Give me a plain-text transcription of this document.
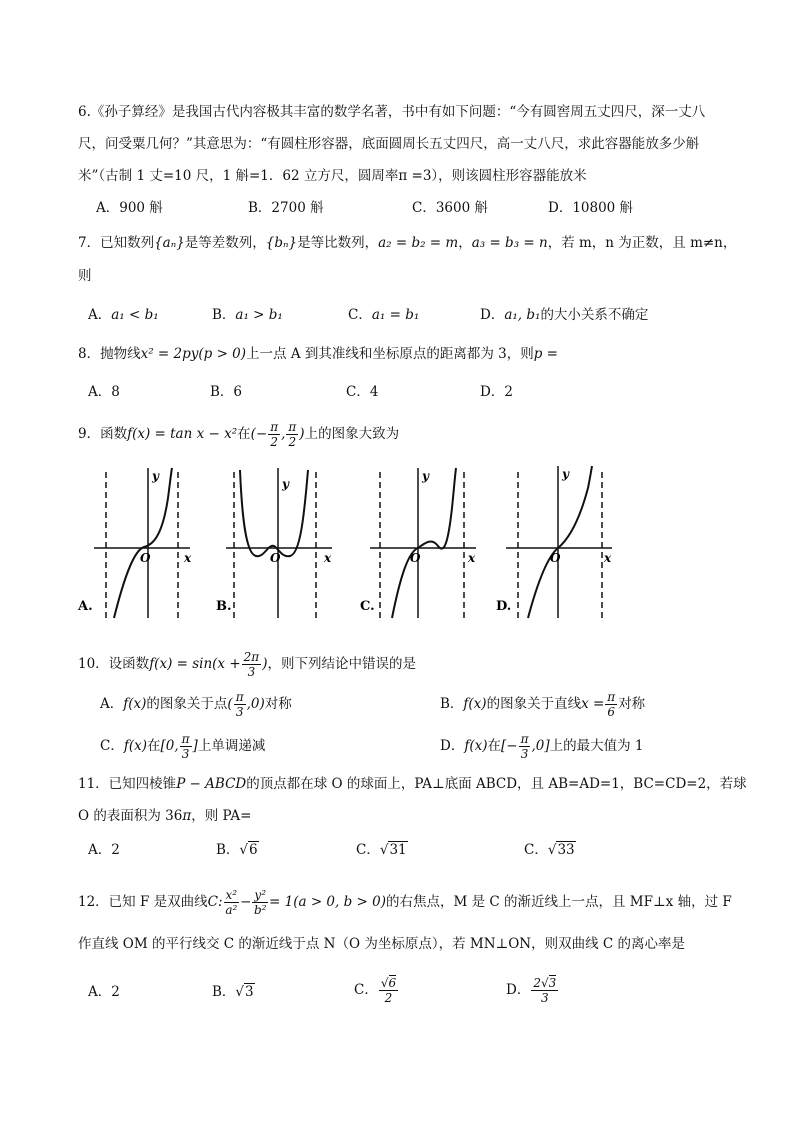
6.《孙子算经》是我国古代内容极其丰富的数学名著，书中有如下问题：“今有圆窖周五丈四尺，深一丈八
尺，问受粟几何？”其意思为：“有圆柱形容器，底面圆周长五丈四尺，高一丈八尺，求此容器能放多少斛
米”（古制 1 丈=10 尺，1 斛=1．62 立方尺，圆周率π =3），则该圆柱形容器能放米
A．900 斛	B．2700 斛	C．3600 斛	D．10800 斛
7．已知数列{aₙ}是等差数列，{bₙ}是等比数列，a₂ = b₂ = m，a₃ = b₃ = n，若 m，n 为正数，且 m≠n，
则
A．a₁ < b₁	B．a₁ > b₁	C．a₁ = b₁	D．a₁, b₁的大小关系不确定
8．抛物线x² = 2py(p > 0)上一点 A 到其准线和坐标原点的距离都为 3，则p =
A．8	B．6	C．4	D．2
9．函数f(x) = tan x − x²在(− $\frac{\pi}{2}$ , $\frac{\pi}{2}$ )上的图象大致为
y
x
O
A.
y
x
O
B.
y
x
O
C.
y
x
O
D.
10．设函数$f(x) = \sin(x + \frac{2\pi}{3}$ )，则下列结论中错误的是
A．f(x)的图象关于点( $\frac{\pi}{3} ,0$)对称	B．f(x)的图象关于直线$x = \frac{\pi}{6}$ 对称
C．f(x)在[0, $\frac{\pi}{3}$ ]上单调递减	D．f(x)在[− $\frac{\pi}{3} ,0$]上的最大值为 1
11．已知四棱锥P − ABCD的顶点都在球 O 的球面上，PA⊥底面 ABCD，且 AB=AD=1，BC=CD=2，若球
O 的表面积为 36π，则 PA=
A．2	B．√6	C．√31	C．√33
12．已知 F 是双曲线C: $\frac{\text{x²}}{\text{a²}} - \frac{\text{y²}}{\text{b²}} = 1(a > 0$, b > 0)的右焦点，M 是 C 的渐近线上一点，且 MF⊥x 轴，过 F
作直线 OM 的平行线交 C 的渐近线于点 N（O 为坐标原点），若 MN⊥ON，则双曲线 C 的离心率是
A．2	B．√3	C． $\frac{√6}{2}$	D． $\frac{2√3}{3}$
